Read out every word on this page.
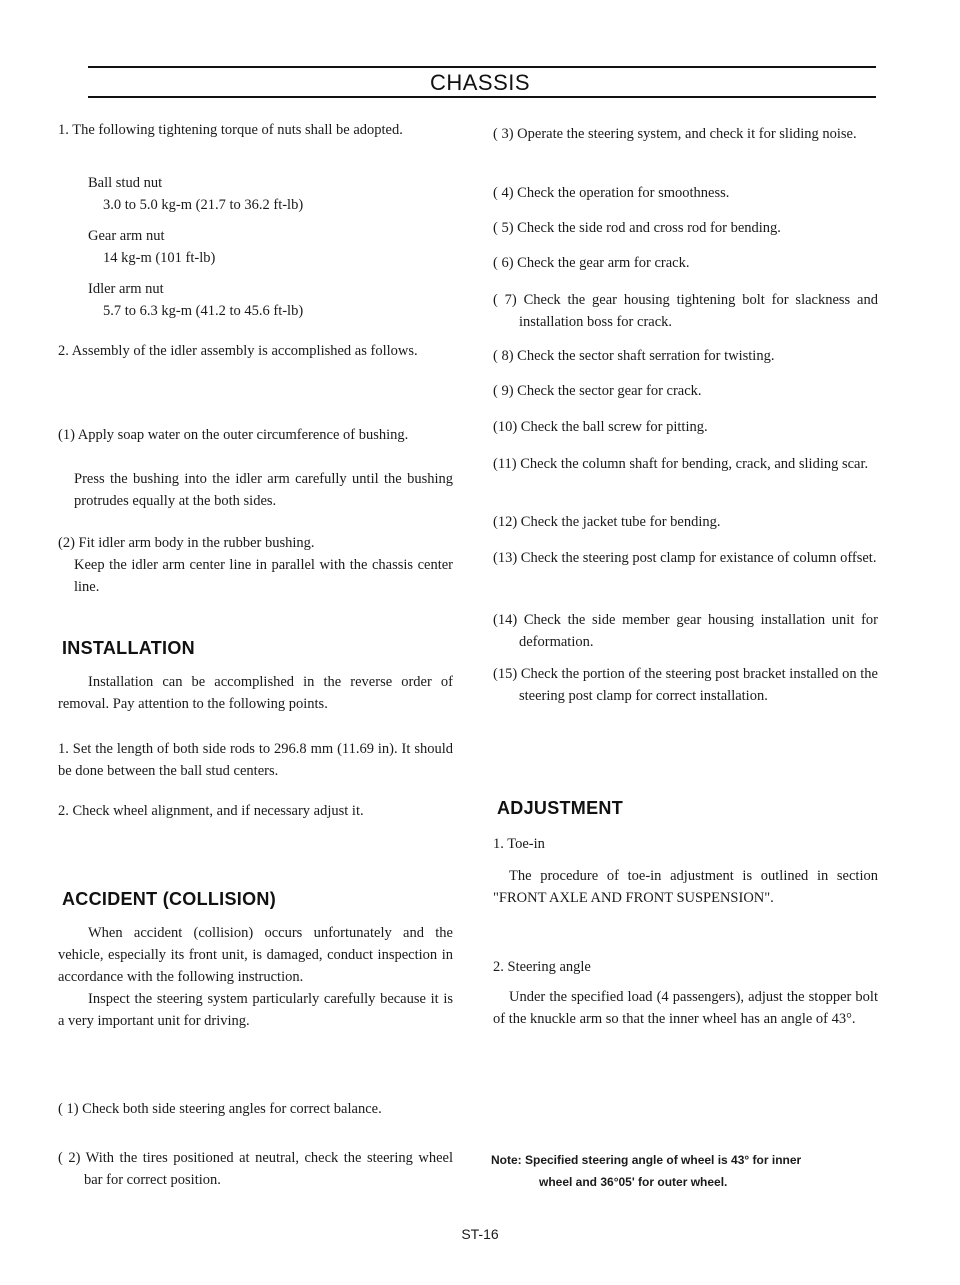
CHASSIS

1. The following tightening torque of nuts shall be adopted.

Ball stud nut

3.0 to 5.0 kg-m (21.7 to 36.2 ft-lb)

Gear arm nut

14 kg-m (101 ft-lb)

Idler arm nut

5.7 to 6.3 kg-m (41.2 to 45.6 ft-lb)

2. Assembly of the idler assembly is accomplished as follows.

(1) Apply soap water on the outer circumference of bushing.

Press the bushing into the idler arm carefully until the bushing protrudes equally at the both sides.

(2) Fit idler arm body in the rubber bushing.

Keep the idler arm center line in parallel with the chassis center line.

INSTALLATION

Installation can be accomplished in the reverse order of removal. Pay attention to the following points.

1. Set the length of both side rods to 296.8 mm (11.69 in). It should be done between the ball stud centers.

2. Check wheel alignment, and if necessary adjust it.

ACCIDENT (COLLISION)

When accident (collision) occurs unfortunately and the vehicle, especially its front unit, is damaged, conduct inspection in accordance with the following instruction.

Inspect the steering system particularly carefully because it is a very important unit for driving.

( 1) Check both side steering angles for correct balance.

( 2) With the tires positioned at neutral, check the steering wheel bar for correct position.

( 3) Operate the steering system, and check it for sliding noise.

( 4) Check the operation for smoothness.

( 5) Check the side rod and cross rod for bending.

( 6) Check the gear arm for crack.

( 7) Check the gear housing tightening bolt for slackness and installation boss for crack.

( 8) Check the sector shaft serration for twisting.

( 9) Check the sector gear for crack.

(10) Check the ball screw for pitting.

(11) Check the column shaft for bending, crack, and sliding scar.

(12) Check the jacket tube for bending.

(13) Check the steering post clamp for existance of column offset.

(14) Check the side member gear housing installation unit for deformation.

(15) Check the portion of the steering post bracket installed on the steering post clamp for correct installation.

ADJUSTMENT

1. Toe-in

The procedure of toe-in adjustment is outlined in section "FRONT AXLE AND FRONT SUSPENSION".

2. Steering angle

Under the specified load (4 passengers), adjust the stopper bolt of the knuckle arm so that the inner wheel has an angle of 43°.

Note: Specified steering angle of wheel is 43° for inner

wheel and 36°05' for outer wheel.

ST-16
